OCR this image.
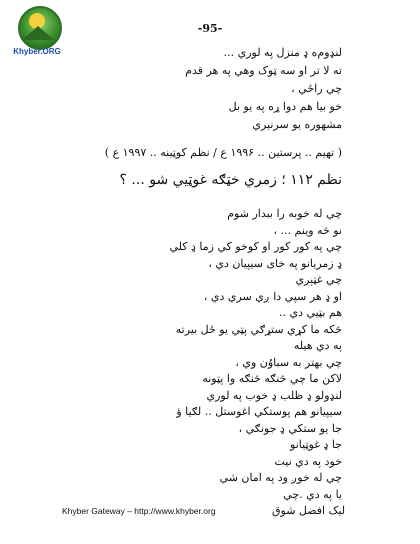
Khyber.ORG
-95-
لنډوم‌ه ډ منزل په لوري ...
ته لا تر او سه ټوک وهي په هر قدم
چي راځي ،
خو بیا هم دوا ړه په یو بل
مشهوره یو سرنیري
( تهیم .. پرستین .. ۱۹۹۶ ع / نظم کوټینه .. ۱۹۹۷ ع )
نظم ۱۱۲ ؛ زمري خټګه غوټیي شو ... ؟
چي له خوبه را ببدار شوم
نو څه وینم ... ،
چي په کور کور او کوخو کي زما ډ کلي
ډ زمریانو په خای سیپیان دي ،
چي غټېږي
او ډ هر سپي دا ږي سري دي ،
هم بټیي دي ..
څکه ما کړي ستړګي پټي یو ځل بیرته
په دي هیله
چي بهتر به سباوُن وي ،
لاکن ما چي څنګه څنګه وا پټونه
لنډولو ډ ظلب ډ خوب په لوري
سیپیانو هم پوستکي اغوستل .. لګیا ؤ
جا یو ستکي ډ جونګي ،
جا ډ غوټیانو
خود په دي نیت
چي له خوږ ود په امان شي
یا په دي .چي
Khyber Gateway – http://www.khyber.org	لیک افضل شوق
